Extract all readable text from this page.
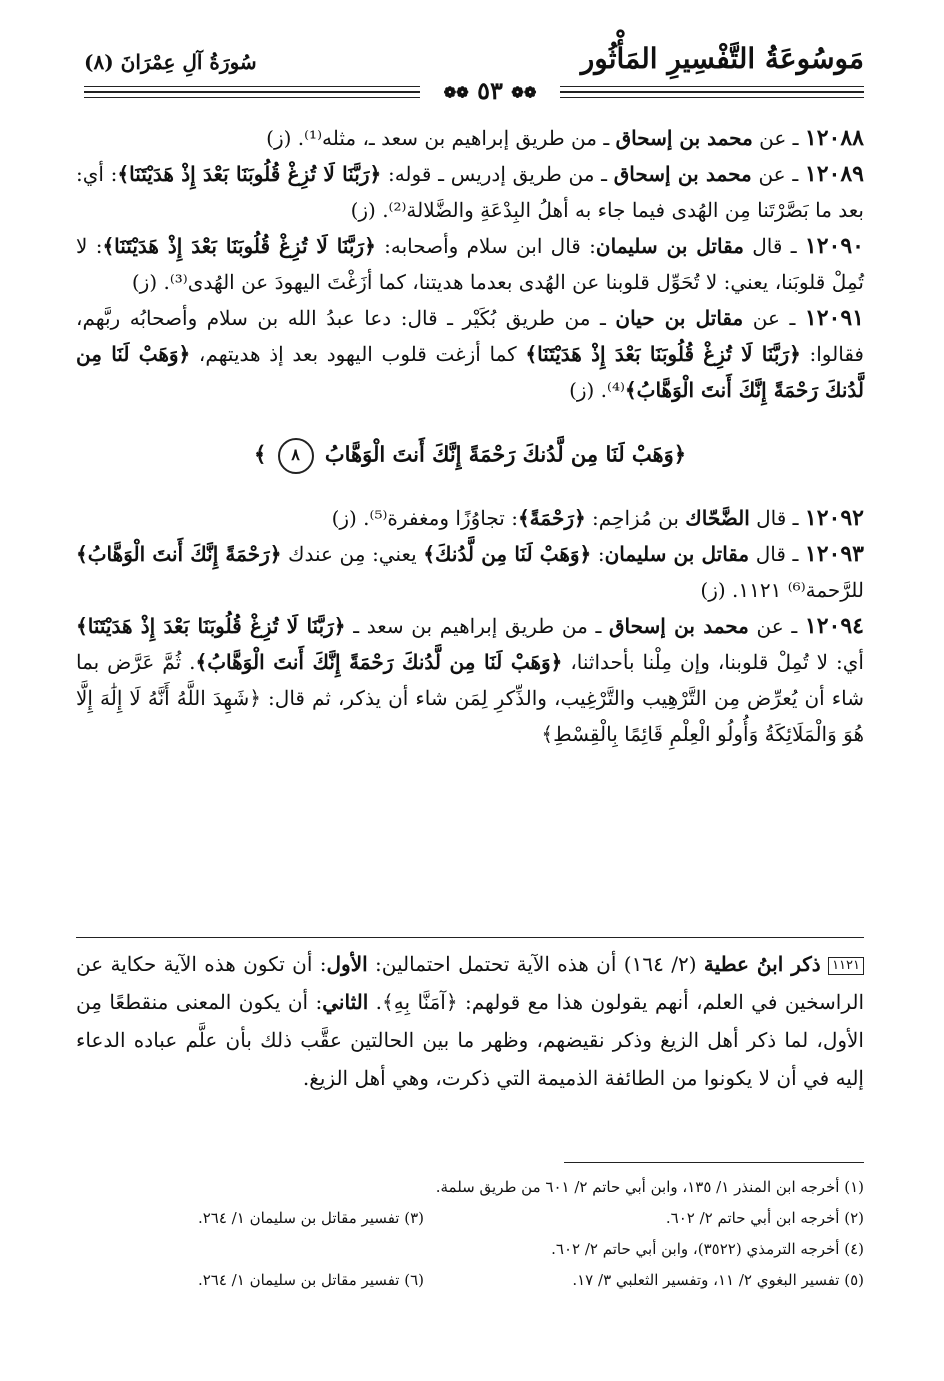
مَوسُوعَةُ التَّفْسِيرِ المَأْثُور
سُورَةُ آلِ عِمْرَانَ (٨)
❁❁ ٥٣ ❁❁

١٢٠٨٨ ـ عن محمد بن إسحاق ـ من طريق إبراهيم بن سعد ـ، مثله⁽¹⁾. (ز)

١٢٠٨٩ ـ عن محمد بن إسحاق ـ من طريق إدريس ـ قوله: ﴿رَبَّنَا لَا تُزِغْ قُلُوبَنَا بَعْدَ إِذْ هَدَيْتَنَا﴾: أي: بعد ما بَصَّرْتَنا مِن الهُدى فيما جاء به أهلُ البِدْعَةِ والضَّلالة⁽²⁾. (ز)

١٢٠٩٠ ـ قال مقاتل بن سليمان: قال ابن سلام وأصحابه: ﴿رَبَّنَا لَا تُزِغْ قُلُوبَنَا بَعْدَ إِذْ هَدَيْتَنَا﴾: لا تُمِلْ قلوبَنا، يعني: لا تُحَوِّل قلوبنا عن الهُدى بعدما هديتنا، كما أزَغْتَ اليهودَ عن الهُدى⁽³⁾. (ز)

١٢٠٩١ ـ عن مقاتل بن حيان ـ من طريق بُكَيْر ـ قال: دعا عبدُ الله بن سلام وأصحابُه ربَّهم، فقالوا: ﴿رَبَّنَا لَا تُزِغْ قُلُوبَنَا بَعْدَ إِذْ هَدَيْتَنَا﴾ كما أزغت قلوب اليهود بعد إذ هديتهم، ﴿وَهَبْ لَنَا مِن لَّدُنكَ رَحْمَةً إِنَّكَ أَنتَ الْوَهَّابُ﴾⁽⁴⁾. (ز)

﴿وَهَبْ لَنَا مِن لَّدُنكَ رَحْمَةً إِنَّكَ أَنتَ الْوَهَّابُ ٨ ﴾

١٢٠٩٢ ـ قال الضَّحّاك بن مُزاحِم: ﴿رَحْمَةً﴾: تجاوُزًا ومغفرة⁽⁵⁾. (ز)

١٢٠٩٣ ـ قال مقاتل بن سليمان: ﴿وَهَبْ لَنَا مِن لَّدُنكَ﴾ يعني: مِن عندك ﴿رَحْمَةً إِنَّكَ أَنتَ الْوَهَّابُ﴾ للرَّحمة⁽⁶⁾ ١١٢١. (ز)

١٢٠٩٤ ـ عن محمد بن إسحاق ـ من طريق إبراهيم بن سعد ـ ﴿رَبَّنَا لَا تُزِغْ قُلُوبَنَا بَعْدَ إِذْ هَدَيْتَنَا﴾ أي: لا تُمِلْ قلوبنا، وإن مِلْنا بأحداثنا، ﴿وَهَبْ لَنَا مِن لَّدُنكَ رَحْمَةً إِنَّكَ أَنتَ الْوَهَّابُ﴾. ثُمَّ عَرَّض بما شاء أن يُعرِّض مِن التَّرْهِيب والتَّرْغِيب، والذِّكرِ لِمَن شاء أن يذكر، ثم قال: ﴿شَهِدَ اللَّهُ أَنَّهُ لَا إِلَٰهَ إِلَّا هُوَ وَالْمَلَائِكَةُ وَأُولُو الْعِلْمِ قَائِمًا بِالْقِسْطِ﴾

١١٢١ ذكر ابنُ عطية (٢/ ١٦٤) أن هذه الآية تحتمل احتمالين: الأول: أن تكون هذه الآية حكاية عن الراسخين في العلم، أنهم يقولون هذا مع قولهم: ﴿آمَنَّا بِهِ﴾. الثاني: أن يكون المعنى منقطعًا مِن الأول، لما ذكر أهل الزيغ وذكر نقيضهم، وظهر ما بين الحالتين عقَّب ذلك بأن علَّم عباده الدعاء إليه في أن لا يكونوا من الطائفة الذميمة التي ذكرت، وهي أهل الزيغ.
(١) أخرجه ابن المنذر ١/ ١٣٥، وابن أبي حاتم ٢/ ٦٠١ من طريق سلمة.
(٢) أخرجه ابن أبي حاتم ٢/ ٦٠٢.
(٣) تفسير مقاتل بن سليمان ١/ ٢٦٤.
(٤) أخرجه الترمذي (٣٥٢٢)، وابن أبي حاتم ٢/ ٦٠٢.
(٥) تفسير البغوي ٢/ ١١، وتفسير الثعلبي ٣/ ١٧.
(٦) تفسير مقاتل بن سليمان ١/ ٢٦٤.
